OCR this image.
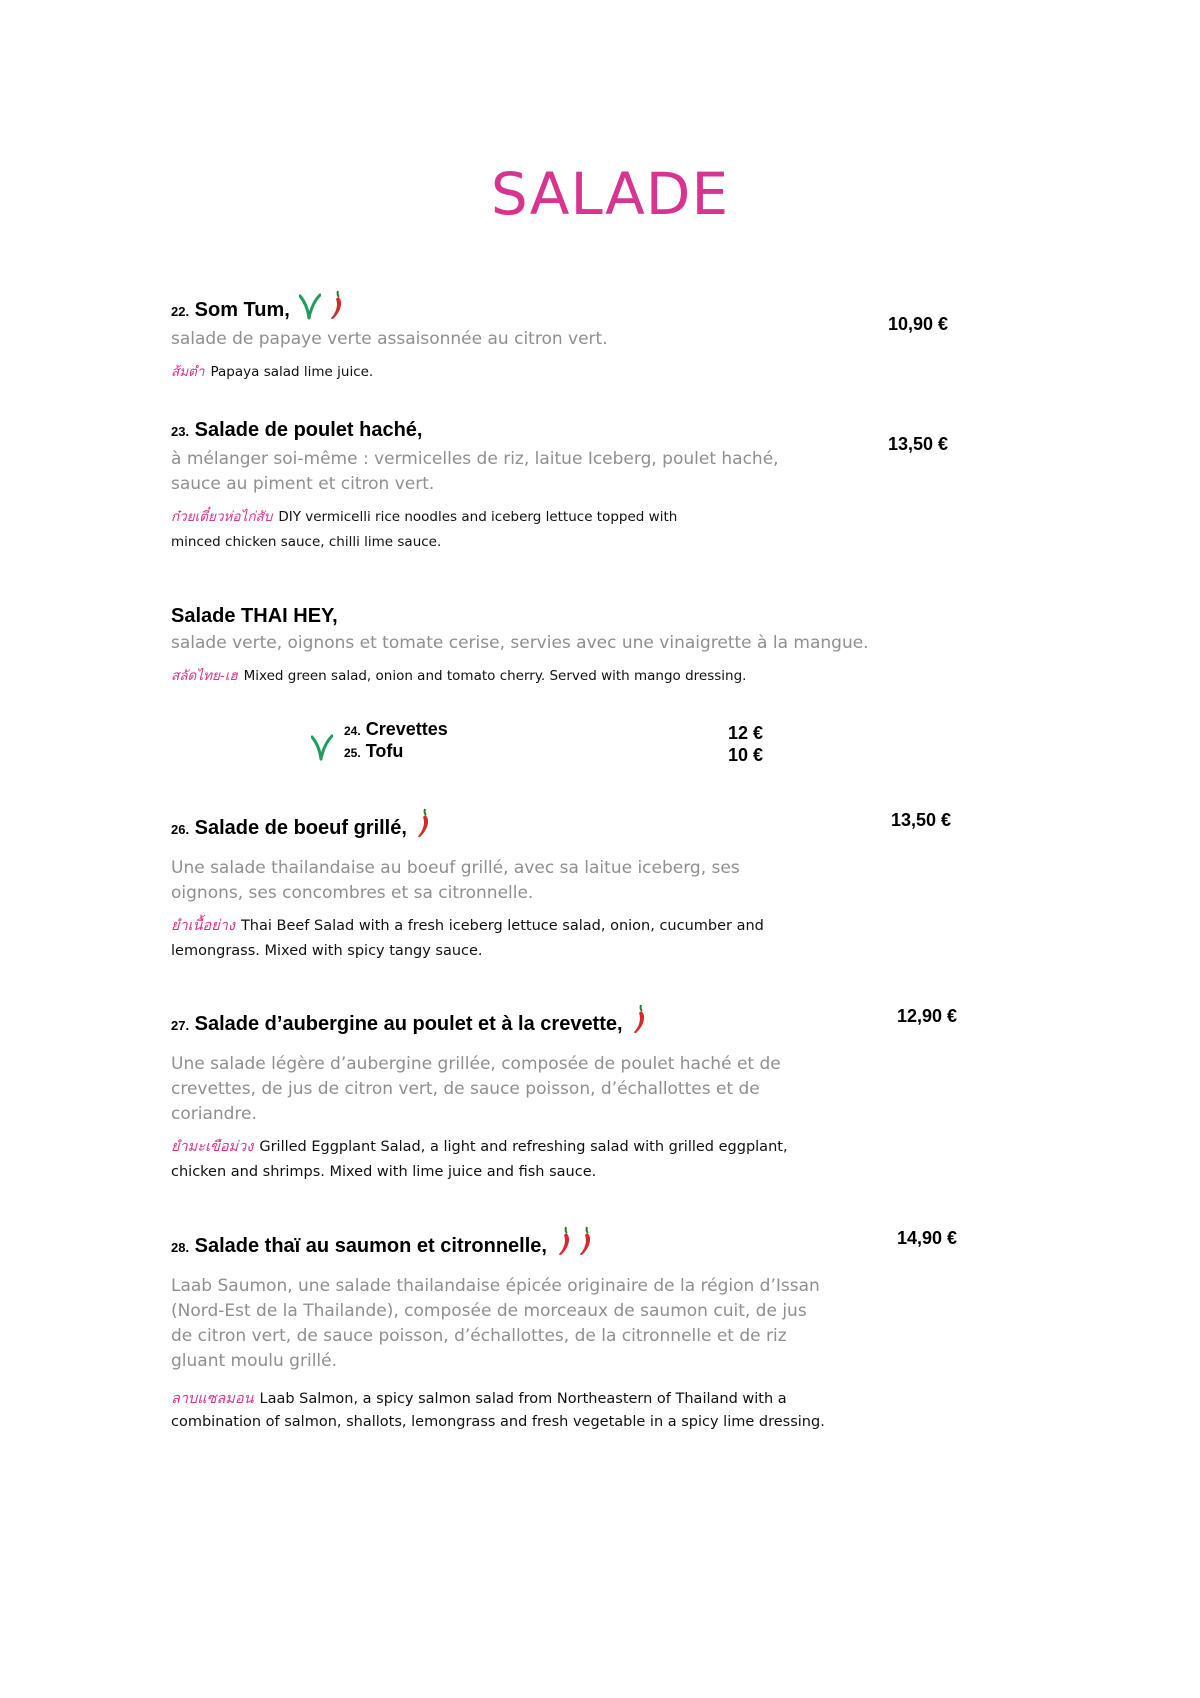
SALADE
22. Som Tum,
salade de papaye verte assaisonnée au citron vert.
ส้มตำ Papaya salad lime juice.
10,90 €
23. Salade de poulet haché,
à mélanger soi-même : vermicelles de riz, laitue Iceberg, poulet haché, sauce au piment et citron vert.
ก๋วยเตี๋ยวห่อไก่สับ DIY vermicelli rice noodles and iceberg lettuce topped with minced chicken sauce, chilli lime sauce.
13,50 €
Salade THAI HEY,
salade verte, oignons et tomate cerise, servies avec une vinaigrette à la mangue.
สลัดไทย-เฮ Mixed green salad, onion and tomato cherry. Served with mango dressing.
24. Crevettes
25. Tofu
12 €
10 €
26. Salade de boeuf grillé,
Une salade thailandaise au boeuf grillé, avec sa laitue iceberg, ses oignons, ses concombres et sa citronnelle.
ยำเนื้อย่าง Thai Beef Salad with a fresh iceberg lettuce salad, onion, cucumber and lemongrass. Mixed with spicy tangy sauce.
13,50 €
27. Salade d’aubergine au poulet et à la crevette,
Une salade légère d’aubergine grillée, composée de poulet haché et de crevettes, de jus de citron vert, de sauce poisson, d’échallottes et de coriandre.
ยำมะเขือม่วง Grilled Eggplant Salad, a light and refreshing salad with grilled eggplant, chicken and shrimps. Mixed with lime juice and fish sauce.
12,90 €
28. Salade thaï au saumon et citronnelle,
Laab Saumon, une salade thailandaise épicée originaire de la région d’Issan (Nord-Est de la Thailande), composée de morceaux de saumon cuit, de jus de citron vert, de sauce poisson, d’échallottes, de la citronnelle et de riz gluant moulu grillé.
ลาบแซลมอน Laab Salmon, a spicy salmon salad from Northeastern of Thailand with a combination of salmon, shallots, lemongrass and fresh vegetable in a spicy lime dressing.
14,90 €
